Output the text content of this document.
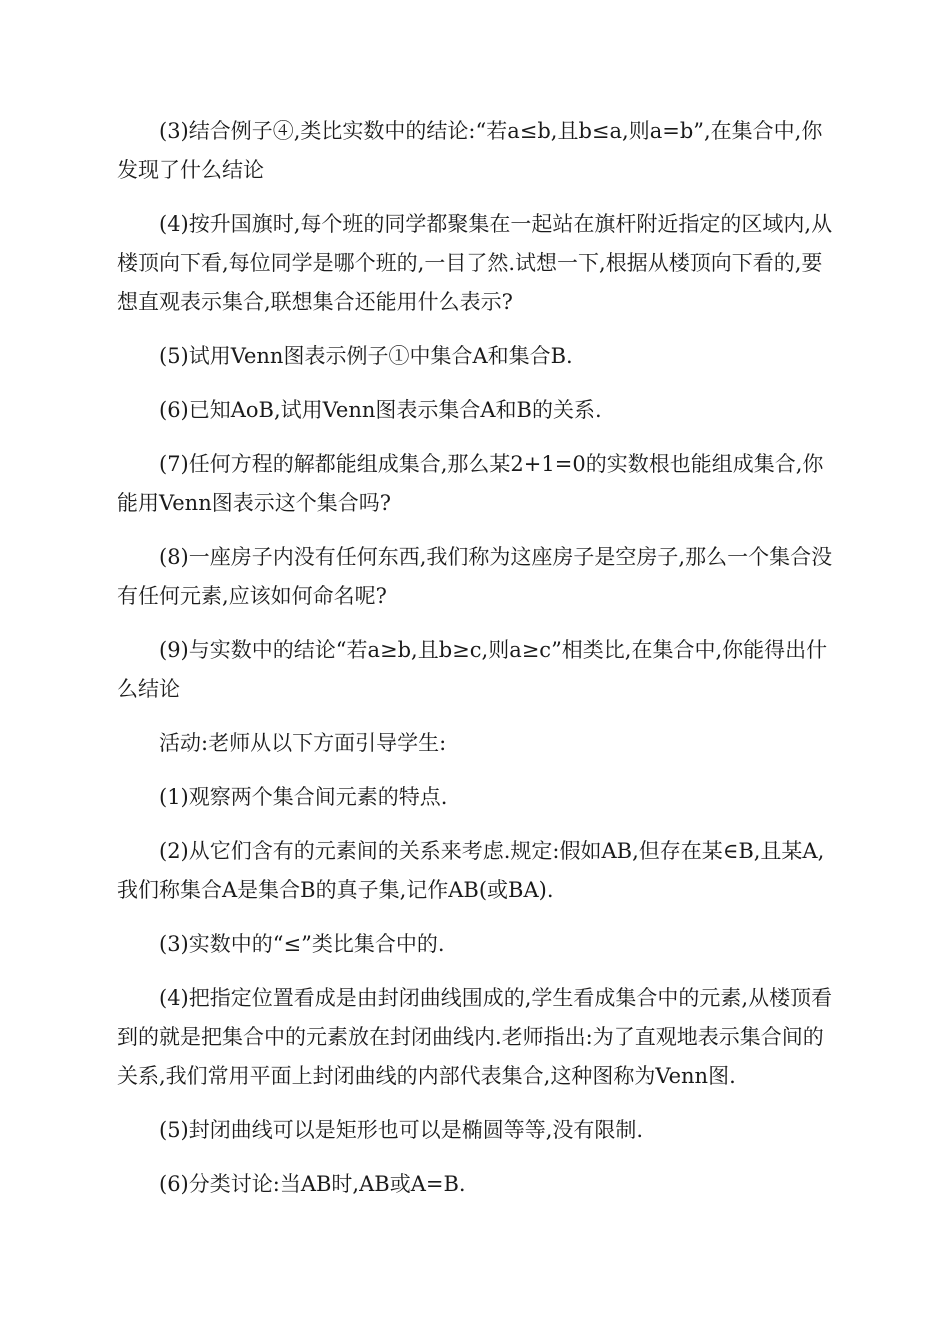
(3)结合例子④,类比实数中的结论:“若a≤b,且b≤a,则a=b”,在集合中,你发现了什么结论

(4)按升国旗时,每个班的同学都聚集在一起站在旗杆附近指定的区域内,从楼顶向下看,每位同学是哪个班的,一目了然.试想一下,根据从楼顶向下看的,要想直观表示集合,联想集合还能用什么表示?

(5)试用Venn图表示例子①中集合A和集合B.

(6)已知AoB,试用Venn图表示集合A和B的关系.

(7)任何方程的解都能组成集合,那么某2+1=0的实数根也能组成集合,你能用Venn图表示这个集合吗?

(8)一座房子内没有任何东西,我们称为这座房子是空房子,那么一个集合没有任何元素,应该如何命名呢?

(9)与实数中的结论“若a≥b,且b≥c,则a≥c”相类比,在集合中,你能得出什么结论

活动:老师从以下方面引导学生:

(1)观察两个集合间元素的特点.

(2)从它们含有的元素间的关系来考虑.规定:假如AB,但存在某∈B,且某A,我们称集合A是集合B的真子集,记作AB(或BA).

(3)实数中的“≤”类比集合中的.

(4)把指定位置看成是由封闭曲线围成的,学生看成集合中的元素,从楼顶看到的就是把集合中的元素放在封闭曲线内.老师指出:为了直观地表示集合间的关系,我们常用平面上封闭曲线的内部代表集合,这种图称为Venn图.

(5)封闭曲线可以是矩形也可以是椭圆等等,没有限制.

(6)分类讨论:当AB时,AB或A=B.
